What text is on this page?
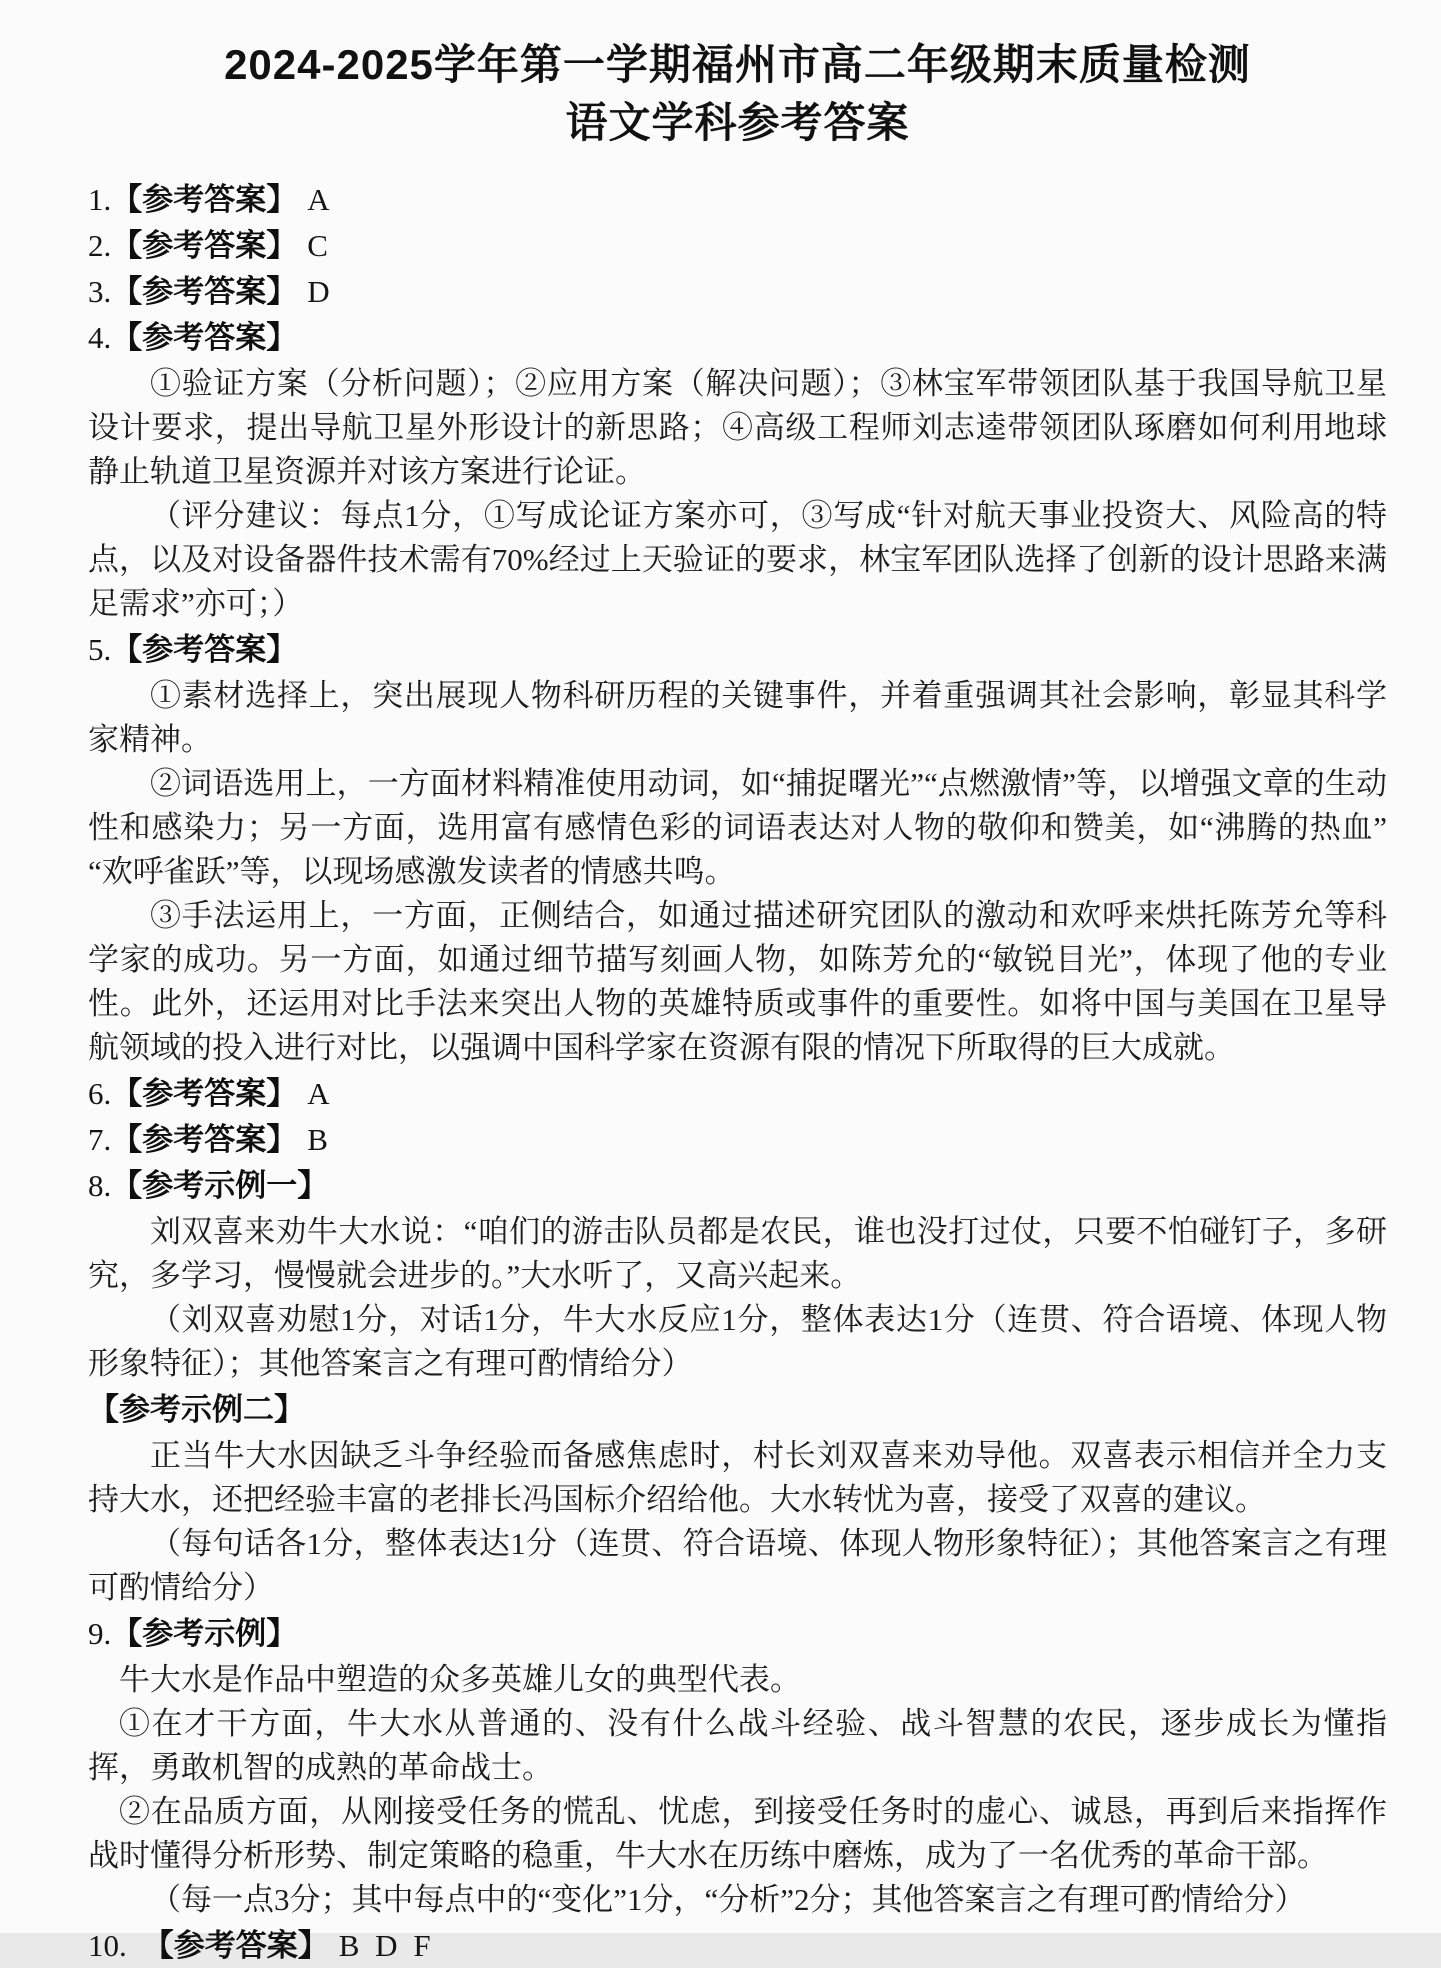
2024-2025学年第一学期福州市高二年级期末质量检测
语文学科参考答案
1.【参考答案】 A
2.【参考答案】 C
3.【参考答案】 D
4.【参考答案】

①验证方案（分析问题）；②应用方案（解决问题）；③林宝军带领团队基于我国导航卫星设计要求，提出导航卫星外形设计的新思路；④高级工程师刘志逵带领团队琢磨如何利用地球静止轨道卫星资源并对该方案进行论证。

（评分建议：每点1分，①写成论证方案亦可，③写成“针对航天事业投资大、风险高的特点，以及对设备器件技术需有70%经过上天验证的要求，林宝军团队选择了创新的设计思路来满足需求”亦可；）

5.【参考答案】

①素材选择上，突出展现人物科研历程的关键事件，并着重强调其社会影响，彰显其科学家精神。

②词语选用上，一方面材料精准使用动词，如“捕捉曙光”“点燃激情”等，以增强文章的生动性和感染力；另一方面，选用富有感情色彩的词语表达对人物的敬仰和赞美，如“沸腾的热血”“欢呼雀跃”等，以现场感激发读者的情感共鸣。

③手法运用上，一方面，正侧结合，如通过描述研究团队的激动和欢呼来烘托陈芳允等科学家的成功。另一方面，如通过细节描写刻画人物，如陈芳允的“敏锐目光”，体现了他的专业性。此外，还运用对比手法来突出人物的英雄特质或事件的重要性。如将中国与美国在卫星导航领域的投入进行对比，以强调中国科学家在资源有限的情况下所取得的巨大成就。

6.【参考答案】 A
7.【参考答案】 B
8.【参考示例一】

刘双喜来劝牛大水说：“咱们的游击队员都是农民，谁也没打过仗，只要不怕碰钉子，多研究，多学习，慢慢就会进步的。”大水听了，又高兴起来。

（刘双喜劝慰1分，对话1分，牛大水反应1分，整体表达1分（连贯、符合语境、体现人物形象特征）；其他答案言之有理可酌情给分）

【参考示例二】

正当牛大水因缺乏斗争经验而备感焦虑时，村长刘双喜来劝导他。双喜表示相信并全力支持大水，还把经验丰富的老排长冯国标介绍给他。大水转忧为喜，接受了双喜的建议。

（每句话各1分，整体表达1分（连贯、符合语境、体现人物形象特征）；其他答案言之有理可酌情给分）

9.【参考示例】

牛大水是作品中塑造的众多英雄儿女的典型代表。

①在才干方面，牛大水从普通的、没有什么战斗经验、战斗智慧的农民，逐步成长为懂指挥，勇敢机智的成熟的革命战士。

②在品质方面，从刚接受任务的慌乱、忧虑，到接受任务时的虚心、诚恳，再到后来指挥作战时懂得分析形势、制定策略的稳重，牛大水在历练中磨炼，成为了一名优秀的革命干部。

（每一点3分；其中每点中的“变化”1分，“分析”2分；其他答案言之有理可酌情给分）

10. 【参考答案】 B D F
